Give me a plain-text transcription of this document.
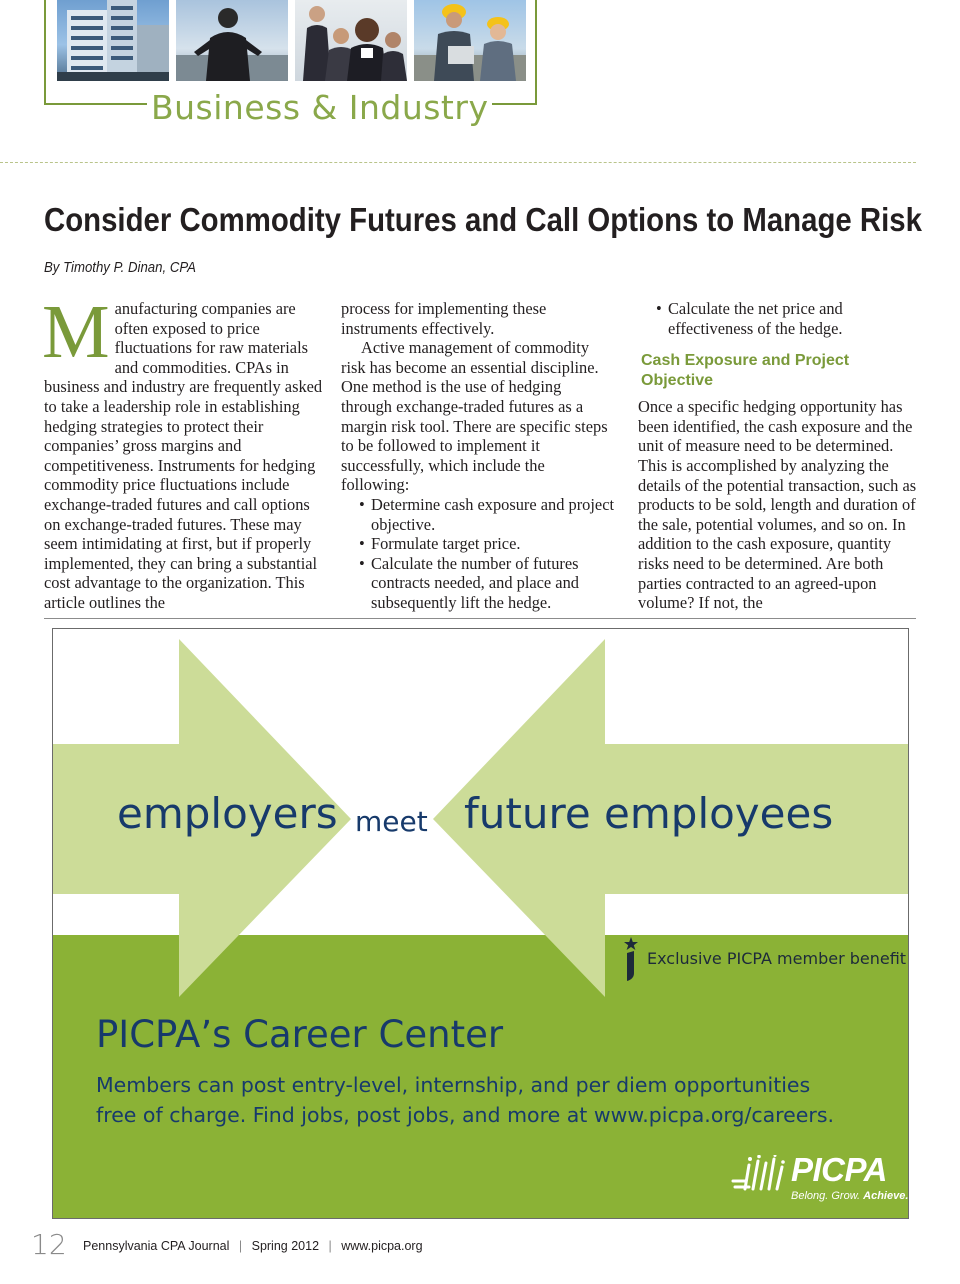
Business & Industry
Consider Commodity Futures and Call Options to Manage Risk
By Timothy P. Dinan, CPA

Manufacturing companies are often exposed to price fluctuations for raw materials and commodities. CPAs in business and industry are frequently asked to take a leadership role in establishing hedging strategies to protect their companies’ gross margins and competitiveness. Instruments for hedging commodity price fluctuations include exchange-traded futures and call options on exchange-traded futures. These may seem intimidating at first, but if properly implemented, they can bring a substantial cost advantage to the organization. This article outlines the

process for implementing these instruments effectively.

Active management of commodity risk has become an essential discipline. One method is the use of hedging through exchange-traded futures as a margin risk tool. There are specific steps to be followed to implement it successfully, which include the following:

• Determine cash exposure and project objective.
• Formulate target price.
• Calculate the number of futures contracts needed, and place and subsequently lift the hedge.
• Calculate the net price and effectiveness of the hedge.
Cash Exposure and Project Objective

Once a specific hedging opportunity has been identified, the cash exposure and the unit of measure need to be determined. This is accomplished by analyzing the details of the potential transaction, such as products to be sold, length and duration of the sale, potential volumes, and so on. In addition to the cash exposure, quantity risks need to be determined. Are both parties contracted to an agreed-upon volume? If not, the

employers meet future employees
Exclusive PICPA member benefit
PICPA’s Career Center
Members can post entry-level, internship, and per diem opportunities free of charge. Find jobs, post jobs, and more at www.picpa.org/careers.
PICPA
Belong. Grow. Achieve.
12 Pennsylvania CPA Journal | Spring 2012 | www.picpa.org
